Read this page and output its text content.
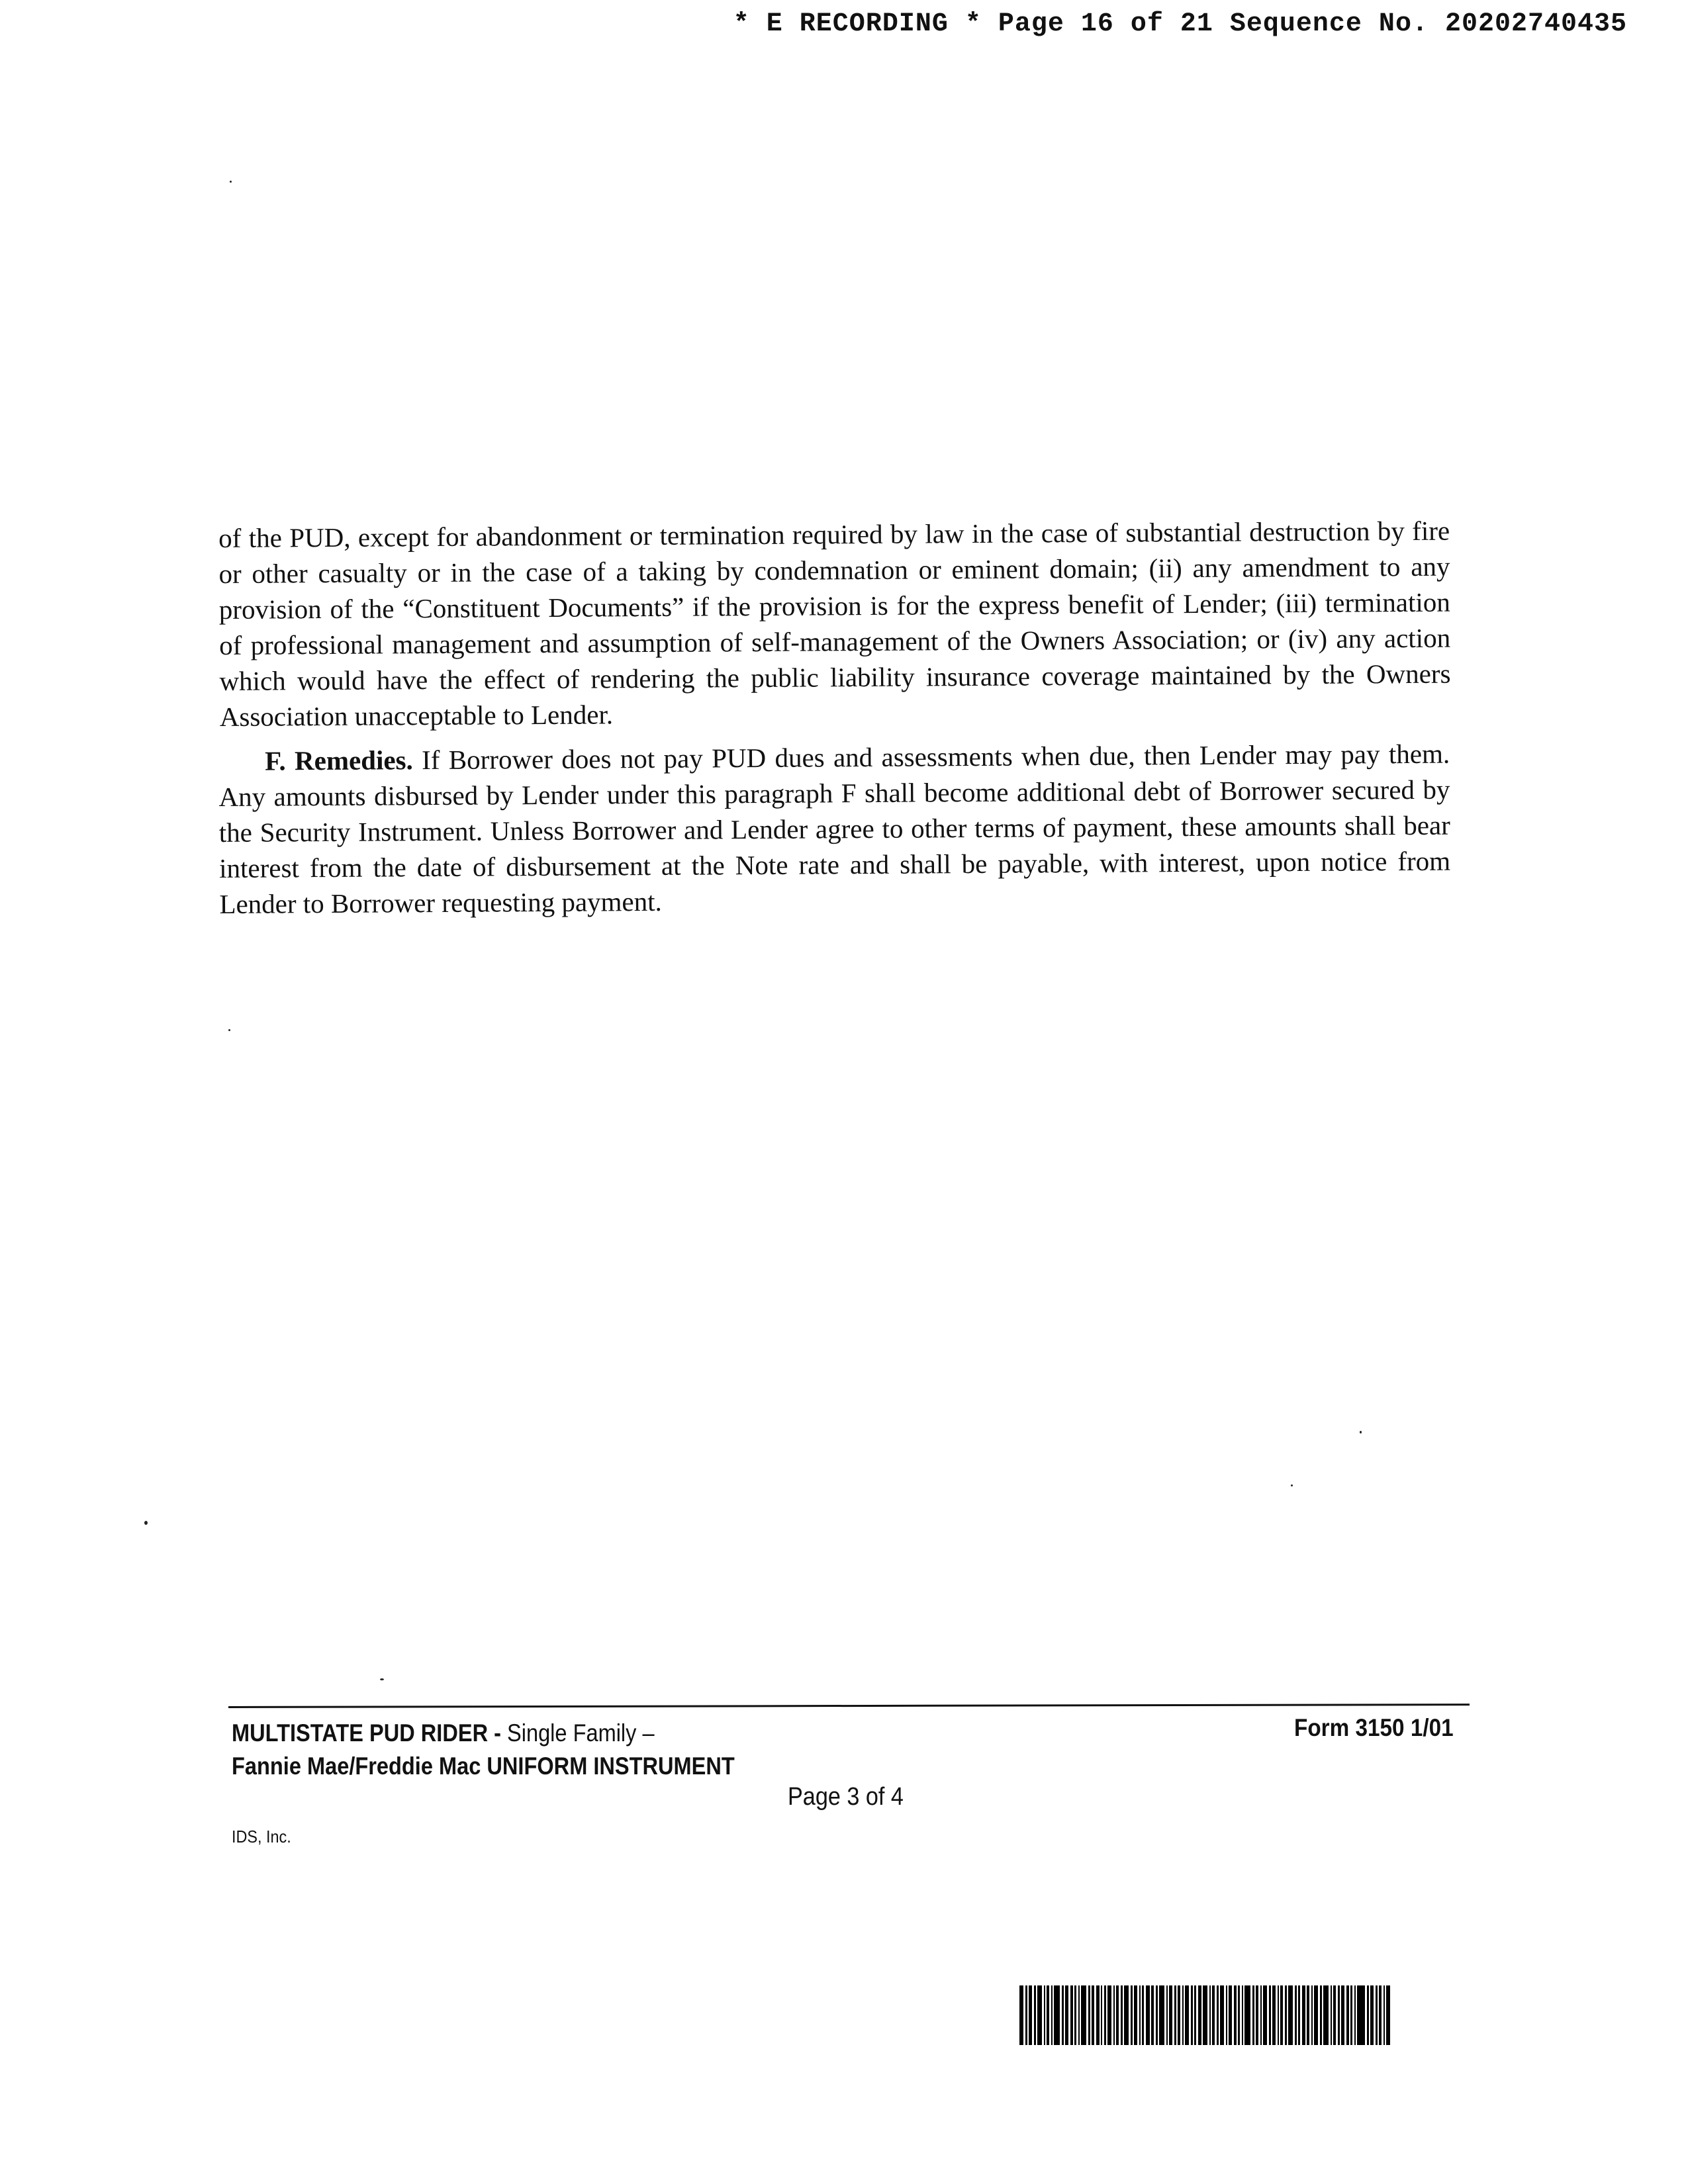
* E RECORDING * Page 16 of 21 Sequence No. 20202740435

of the PUD, except for abandonment or termination required by law in the case of substantial destruction by fire or other casualty or in the case of a taking by condemnation or eminent domain; (ii) any amendment to any provision of the “Constituent Documents” if the provision is for the express benefit of Lender; (iii) termination of professional management and assumption of self-management of the Owners Association; or (iv) any action which would have the effect of rendering the public liability insurance coverage maintained by the Owners Association unacceptable to Lender.

F. Remedies. If Borrower does not pay PUD dues and assessments when due, then Lender may pay them. Any amounts disbursed by Lender under this paragraph F shall become additional debt of Borrower secured by the Security Instrument. Unless Borrower and Lender agree to other terms of payment, these amounts shall bear interest from the date of disbursement at the Note rate and shall be payable, with interest, upon notice from Lender to Borrower requesting payment.

MULTISTATE PUD RIDER - Single Family –
Fannie Mae/Freddie Mac UNIFORM INSTRUMENT
Form 3150 1/01
Page 3 of 4
IDS, Inc.
